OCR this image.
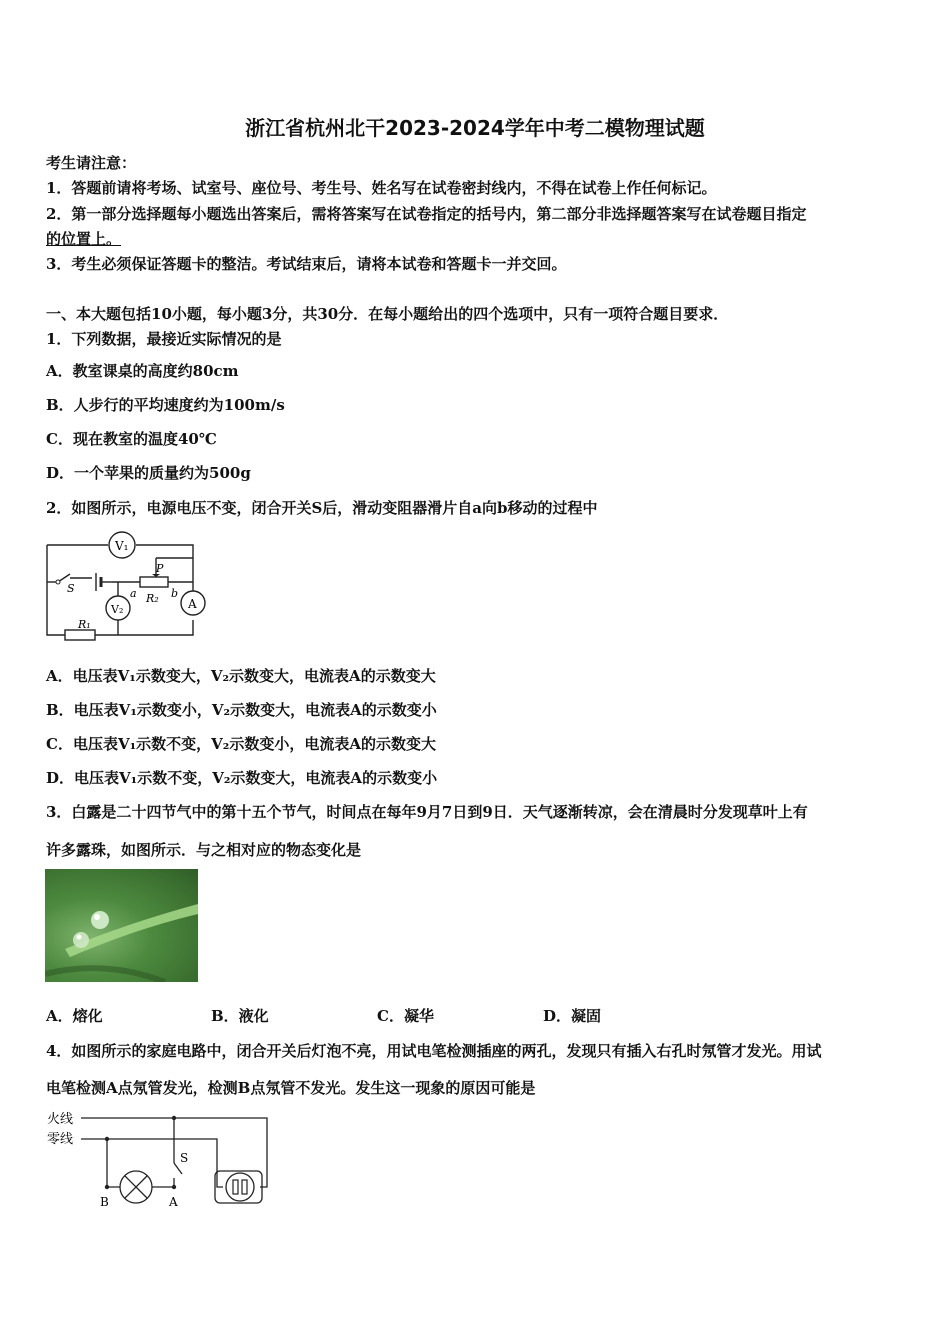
浙江省杭州北干2023-2024学年中考二模物理试题
考生请注意：
1．答题前请将考场、试室号、座位号、考生号、姓名写在试卷密封线内，不得在试卷上作任何标记。
2．第一部分选择题每小题选出答案后，需将答案写在试卷指定的括号内，第二部分非选择题答案写在试卷题目指定
的位置上。
3．考生必须保证答题卡的整洁。考试结束后，请将本试卷和答题卡一并交回。
一、本大题包括10小题，每小题3分，共30分．在每小题给出的四个选项中，只有一项符合题目要求．
1．下列数据，最接近实际情况的是
A．教室课桌的高度约80cm
B．人步行的平均速度约为100m/s
C．现在教室的温度40℃
D．一个苹果的质量约为500g
2．如图所示，电源电压不变，闭合开关S后，滑动变阻器滑片自a向b移动的过程中
V₁
V₂	A
P
R₂
R₁
S	a	b
A．电压表V₁示数变大，V₂示数变大，电流表A的示数变大
B．电压表V₁示数变小，V₂示数变大，电流表A的示数变小
C．电压表V₁示数不变，V₂示数变小，电流表A的示数变大
D．电压表V₁示数不变，V₂示数变大，电流表A的示数变小
3．白露是二十四节气中的第十五个节气，时间点在每年9月7日到9日．天气逐渐转凉，会在清晨时分发现草叶上有
许多露珠，如图所示．与之相对应的物态变化是
A．熔化	B．液化	C．凝华	D．凝固
4．如图所示的家庭电路中，闭合开关后灯泡不亮，用试电笔检测插座的两孔，发现只有插入右孔时氖管才发光。用试
电笔检测A点氖管发光，检测B点氖管不发光。发生这一现象的原因可能是
火线
零线
S
B	A
